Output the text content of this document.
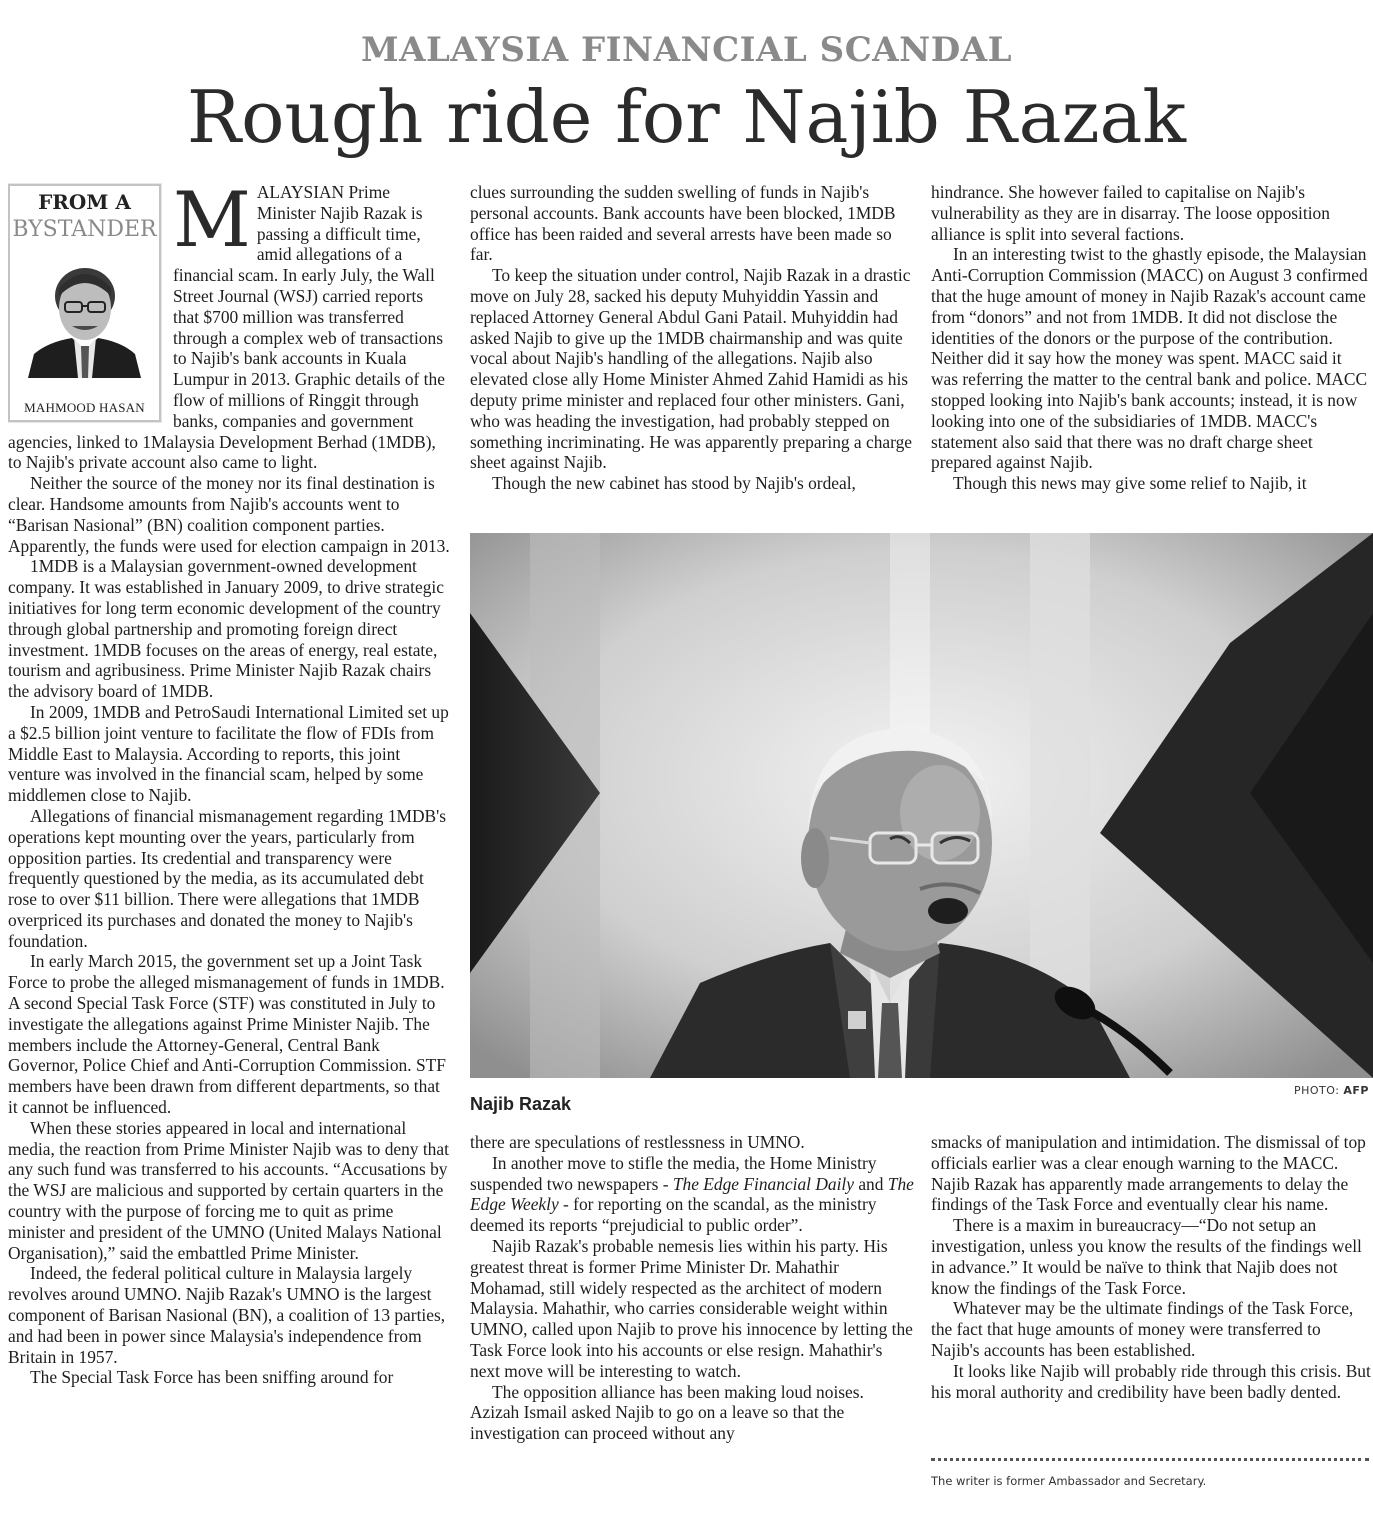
MALAYSIA FINANCIAL SCANDAL
Rough ride for Najib Razak
FROM A
BYSTANDER
MAHMOOD HASAN
M ALAYSIAN Prime Minister Najib Razak is passing a difficult time, amid allegations of a financial scam. In early July, the Wall Street Journal (WSJ) carried reports that $700 million was transferred through a complex web of transactions to Najib's bank accounts in Kuala Lumpur in 2013. Graphic details of the flow of millions of Ringgit through banks, companies and government agencies, linked to 1Malaysia Development Berhad (1MDB), to Najib's private account also came to light.

Neither the source of the money nor its final destination is clear. Handsome amounts from Najib's accounts went to “Barisan Nasional” (BN) coalition component parties. Apparently, the funds were used for election campaign in 2013.

1MDB is a Malaysian government-owned development company. It was established in January 2009, to drive strategic initiatives for long term economic development of the country through global partnership and promoting foreign direct investment. 1MDB focuses on the areas of energy, real estate, tourism and agribusiness. Prime Minister Najib Razak chairs the advisory board of 1MDB.

In 2009, 1MDB and PetroSaudi International Limited set up a $2.5 billion joint venture to facilitate the flow of FDIs from Middle East to Malaysia. According to reports, this joint venture was involved in the financial scam, helped by some middlemen close to Najib.

Allegations of financial mismanagement regarding 1MDB's operations kept mounting over the years, particularly from opposition parties. Its credential and transparency were frequently questioned by the media, as its accumulated debt rose to over $11 billion. There were allegations that 1MDB overpriced its purchases and donated the money to Najib's foundation.

In early March 2015, the government set up a Joint Task Force to probe the alleged mismanagement of funds in 1MDB. A second Special Task Force (STF) was constituted in July to investigate the allegations against Prime Minister Najib. The members include the Attorney-General, Central Bank Governor, Police Chief and Anti-Corruption Commission. STF members have been drawn from different departments, so that it cannot be influenced.

When these stories appeared in local and international media, the reaction from Prime Minister Najib was to deny that any such fund was transferred to his accounts. “Accusations by the WSJ are malicious and supported by certain quarters in the country with the purpose of forcing me to quit as prime minister and president of the UMNO (United Malays National Organisation),” said the embattled Prime Minister.

Indeed, the federal political culture in Malaysia largely revolves around UMNO. Najib Razak's UMNO is the largest component of Barisan Nasional (BN), a coalition of 13 parties, and had been in power since Malaysia's independence from Britain in 1957.

The Special Task Force has been sniffing around for

clues surrounding the sudden swelling of funds in Najib's personal accounts. Bank accounts have been blocked, 1MDB office has been raided and several arrests have been made so far.

To keep the situation under control, Najib Razak in a drastic move on July 28, sacked his deputy Muhyiddin Yassin and replaced Attorney General Abdul Gani Patail. Muhyiddin had asked Najib to give up the 1MDB chairmanship and was quite vocal about Najib's handling of the allegations. Najib also elevated close ally Home Minister Ahmed Zahid Hamidi as his deputy prime minister and replaced four other ministers. Gani, who was heading the investigation, had probably stepped on something incriminating. He was apparently preparing a charge sheet against Najib.

Though the new cabinet has stood by Najib's ordeal,

hindrance. She however failed to capitalise on Najib's vulnerability as they are in disarray. The loose opposition alliance is split into several factions.

In an interesting twist to the ghastly episode, the Malaysian Anti-Corruption Commission (MACC) on August 3 confirmed that the huge amount of money in Najib Razak's account came from “donors” and not from 1MDB. It did not disclose the identities of the donors or the purpose of the contribution. Neither did it say how the money was spent. MACC said it was referring the matter to the central bank and police. MACC stopped looking into Najib's bank accounts; instead, it is now looking into one of the subsidiaries of 1MDB. MACC's statement also said that there was no draft charge sheet prepared against Najib.

Though this news may give some relief to Najib, it

PHOTO: AFP
Najib Razak

there are speculations of restlessness in UMNO.

In another move to stifle the media, the Home Ministry suspended two newspapers - The Edge Financial Daily and The Edge Weekly - for reporting on the scandal, as the ministry deemed its reports “prejudicial to public order”.

Najib Razak's probable nemesis lies within his party. His greatest threat is former Prime Minister Dr. Mahathir Mohamad, still widely respected as the architect of modern Malaysia. Mahathir, who carries considerable weight within UMNO, called upon Najib to prove his innocence by letting the Task Force look into his accounts or else resign. Mahathir's next move will be interesting to watch.

The opposition alliance has been making loud noises. Azizah Ismail asked Najib to go on a leave so that the investigation can proceed without any

smacks of manipulation and intimidation. The dismissal of top officials earlier was a clear enough warning to the MACC. Najib Razak has apparently made arrangements to delay the findings of the Task Force and eventually clear his name.

There is a maxim in bureaucracy—“Do not setup an investigation, unless you know the results of the findings well in advance.” It would be naïve to think that Najib does not know the findings of the Task Force.

Whatever may be the ultimate findings of the Task Force, the fact that huge amounts of money were transferred to Najib's accounts has been established.

It looks like Najib will probably ride through this crisis. But his moral authority and credibility have been badly dented.

The writer is former Ambassador and Secretary.
